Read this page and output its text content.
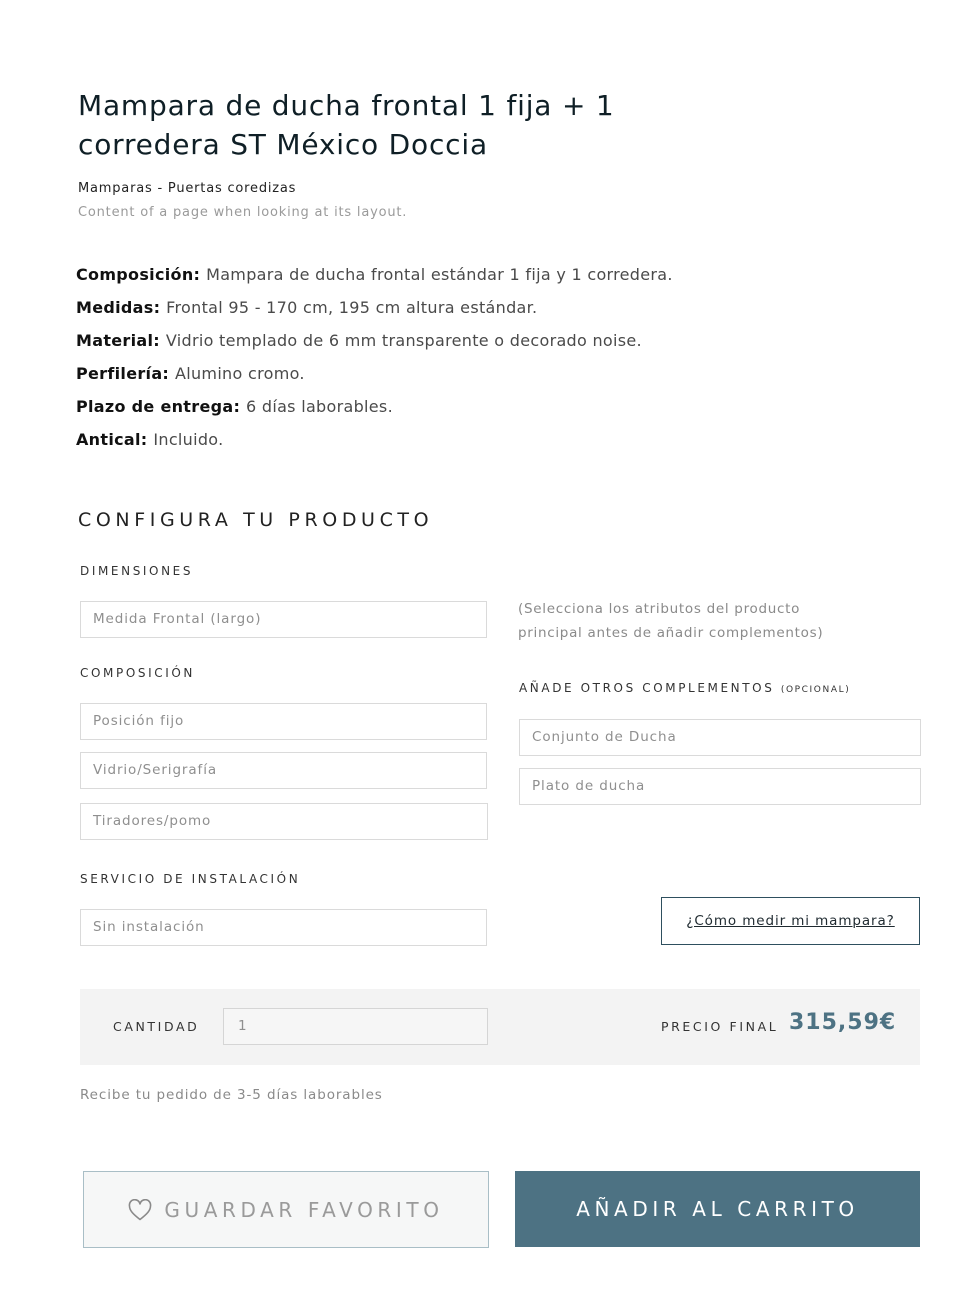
Mampara de ducha frontal 1 fija + 1 corredera ST México Doccia
Mamparas - Puertas coredizas
Content of a page when looking at its layout.
Composición: Mampara de ducha frontal estándar 1 fija y 1 corredera.
Medidas: Frontal 95 - 170 cm, 195 cm altura estándar.
Material: Vidrio templado de 6 mm transparente o decorado noise.
Perfilería: Alumino cromo.
Plazo de entrega: 6 días laborables.
Antical: Incluido.
CONFIGURA TU PRODUCTO
DIMENSIONES
Medida Frontal (largo)
COMPOSICIÓN
Posición fijo
Vidrio/Serigrafía
Tiradores/pomo
SERVICIO DE INSTALACIÓN
Sin instalación
(Selecciona los atributos del producto principal antes de añadir complementos)
AÑADE OTROS COMPLEMENTOS (OPCIONAL)
Conjunto de Ducha
Plato de ducha
¿Cómo medir mi mampara?
CANTIDAD	1	PRECIO FINAL 315,59€
Recibe tu pedido de 3-5 días laborables
GUARDAR FAVORITO	AÑADIR AL CARRITO
